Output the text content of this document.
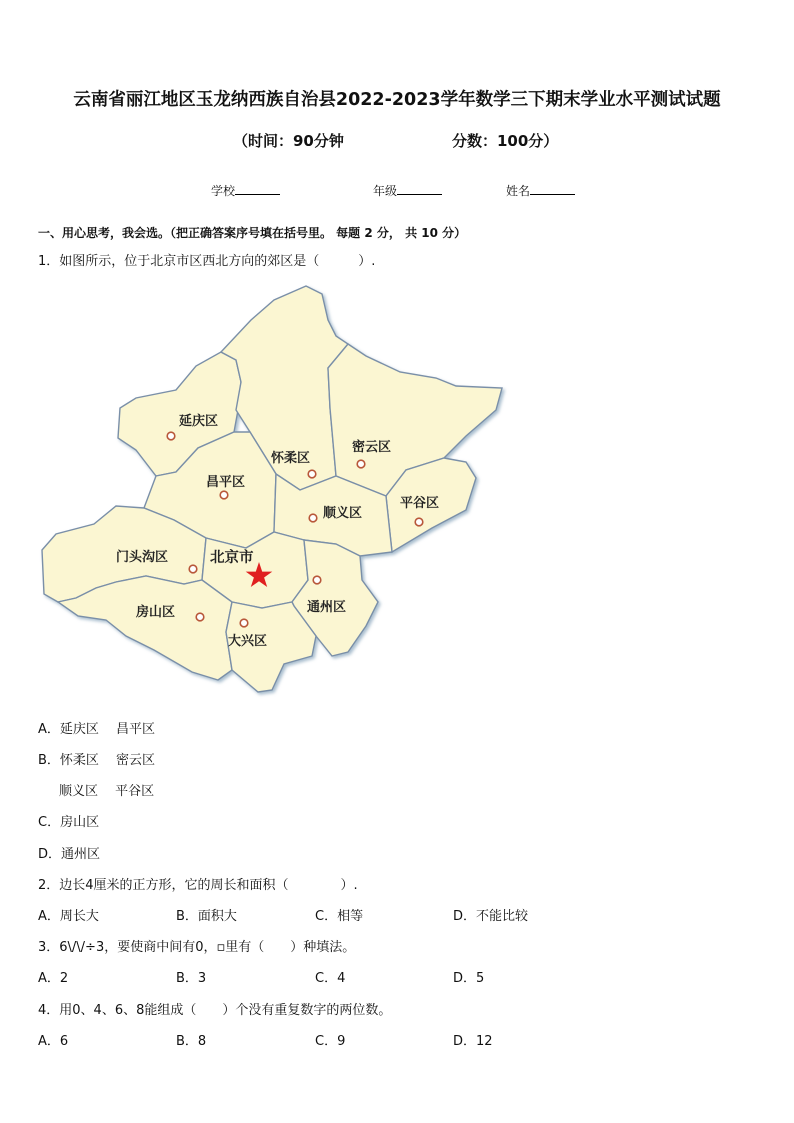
云南省丽江地区玉龙纳西族自治县2022-2023学年数学三下期末学业水平测试试题
（时间：90分钟	分数：100分）
学校	年级	姓名
一、用心思考，我会选。（把正确答案序号填在括号里。 每题 2 分， 共 10 分）
1．如图所示，位于北京市区西北方向的郊区是（　　　）.
延庆区
怀柔区
密云区
昌平区
顺义区
平谷区
门头沟区	北京市
房山区	通州区
大兴区
A．延庆区　 昌平区
B．怀柔区　 密云区
　顺义区　 平谷区
C．房山区
D．通州区
2．边长4厘米的正方形，它的周长和面积（　　　　）.
A．周长大	B．面积大	C．相等	D．不能比较
3．6\/\/÷3，要使商中间有0，▫里有（　　）种填法。
A．2	B．3	C．4	D．5
4．用0、4、6、8能组成（　　）个没有重复数字的两位数。
A．6	B．8	C．9	D．12
